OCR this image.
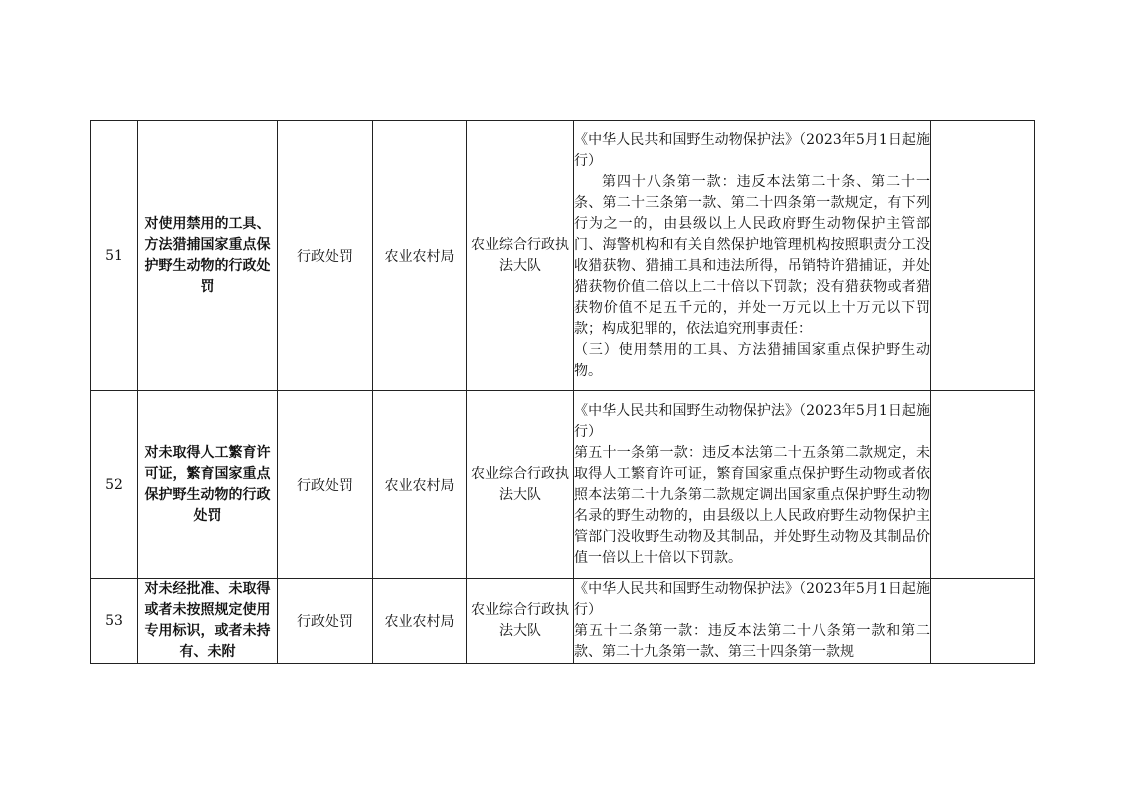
51	对使用禁用的工具、方法猎捕国家重点保护野生动物的行政处罚	行政处罚	农业农村局	农业综合行政执法大队	《中华人民共和国野生动物保护法》（2023年5月1日起施行）
第四十八条第一款：违反本法第二十条、第二十一条、第二十三条第一款、第二十四条第一款规定，有下列行为之一的，由县级以上人民政府野生动物保护主管部门、海警机构和有关自然保护地管理机构按照职责分工没收猎获物、猎捕工具和违法所得，吊销特许猎捕证，并处猎获物价值二倍以上二十倍以下罚款；没有猎获物或者猎获物价值不足五千元的，并处一万元以上十万元以下罚款；构成犯罪的，依法追究刑事责任：
（三）使用禁用的工具、方法猎捕国家重点保护野生动物。	

52	对未取得人工繁育许可证，繁育国家重点保护野生动物的行政处罚	行政处罚	农业农村局	农业综合行政执法大队	《中华人民共和国野生动物保护法》（2023年5月1日起施行）
第五十一条第一款：违反本法第二十五条第二款规定，未取得人工繁育许可证，繁育国家重点保护野生动物或者依照本法第二十九条第二款规定调出国家重点保护野生动物名录的野生动物的，由县级以上人民政府野生动物保护主管部门没收野生动物及其制品，并处野生动物及其制品价值一倍以上十倍以下罚款。	

53	对未经批准、未取得或者未按照规定使用专用标识，或者未持有、未附	行政处罚	农业农村局	农业综合行政执法大队	《中华人民共和国野生动物保护法》（2023年5月1日起施行）
第五十二条第一款：违反本法第二十八条第一款和第二款、第二十九条第一款、第三十四条第一款规	
